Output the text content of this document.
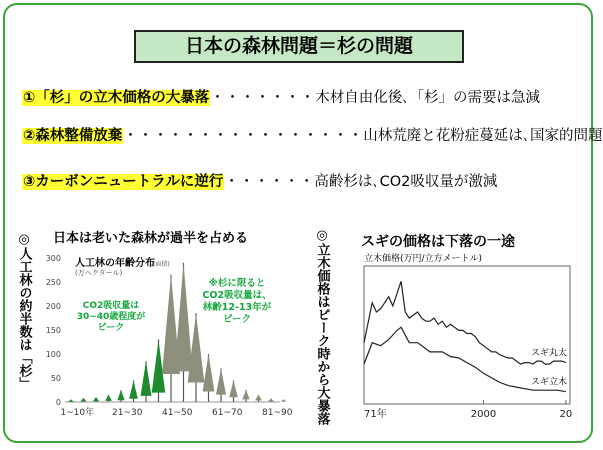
日本の森林問題＝杉の問題
①「杉」の立木価格の大暴落・・・・・・・木材自由化後､「杉」の需要は急減
②森林整備放棄・・・・・・・・・・・・・・・・山林荒廃と花粉症蔓延は､国家的問題
③カーボンニュートラルに逆行・・・・・・高齢杉は､CO2吸収量が激減
◎人工林の約半数は「杉」 日本は老いた森林が過半を占める
人工林の年齢分布
(面積)
(万ヘクタール)
0
50
100
150
200
250
300
1~10年 21~30 41~50 61~70 81~90
CO2吸収量は 30~40歳程度がピーク
※杉に限ると CO2吸収量は、林齢12-13年がピーク	◎立木価格はピーク時から大暴落 スギの価格は下落の一途
立木価格(万円/立方メートル)
スギ丸太
スギ立木
71年	2000	20
